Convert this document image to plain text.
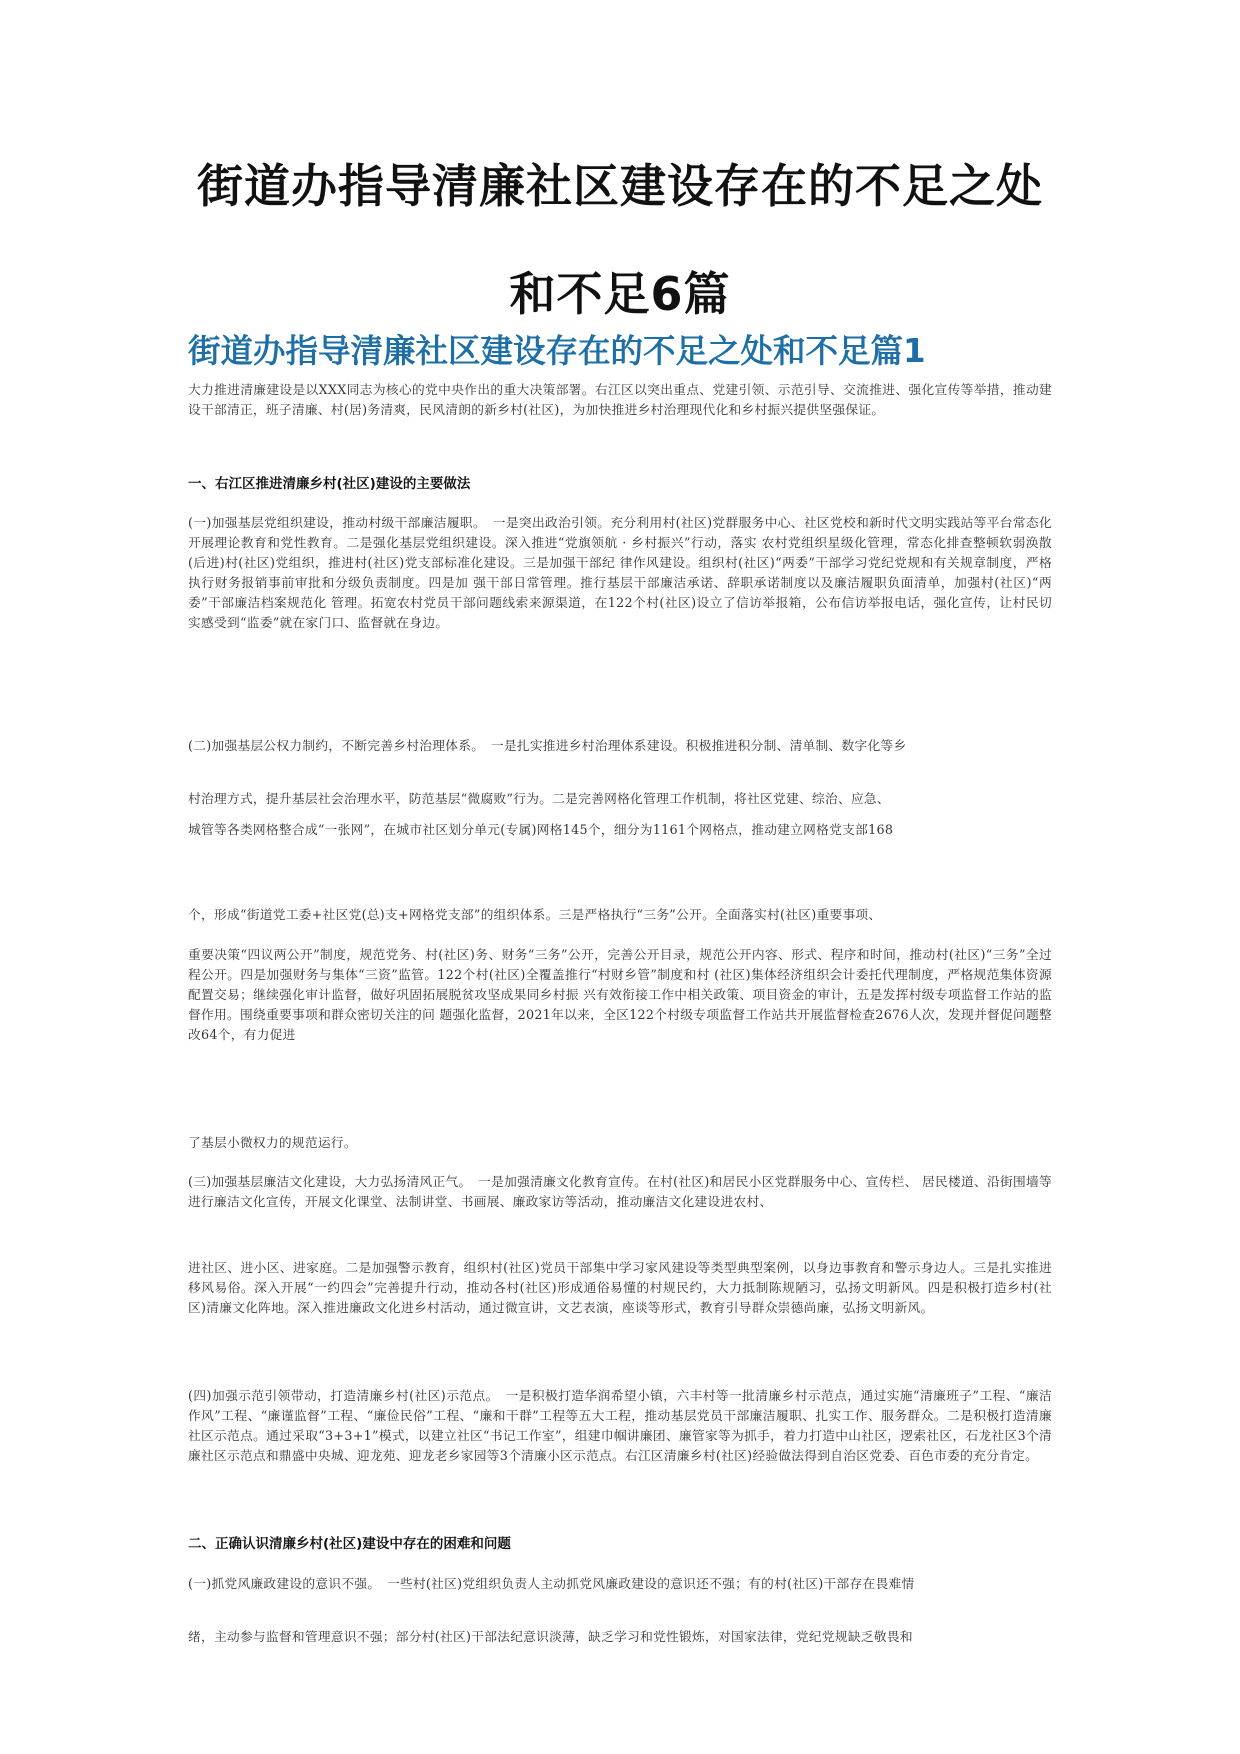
街道办指导清廉社区建设存在的不足之处
和不足6篇
街道办指导清廉社区建设存在的不足之处和不足篇1
大力推进清廉建设是以XXX同志为核心的党中央作出的重大决策部署。右江区以突出重点、党建引领、示范引导、交流推进、强化宣传等举措，推动建设干部清正，班子清廉、村(居)务清爽，民风清朗的新乡村(社区)，为加快推进乡村治理现代化和乡村振兴提供坚强保证。
一、右江区推进清廉乡村(社区)建设的主要做法
(一)加强基层党组织建设，推动村级干部廉洁履职。　一是突出政治引领。充分利用村(社区)党群服务中心、社区党校和新时代文明实践站等平台常态化开展理论教育和党性教育。二是强化基层党组织建设。深入推进“党旗领航 · 乡村振兴”行动，落实 农村党组织星级化管理，常态化排查整顿软弱涣散(后进)村(社区)党组织，推进村(社区)党支部标准化建设。三是加强干部纪 律作风建设。组织村(社区)“两委”干部学习党纪党规和有关规章制度，严格执行财务报销事前审批和分级负责制度。四是加 强干部日常管理。推行基层干部廉洁承诺、辞职承诺制度以及廉洁履职负面清单，加强村(社区)“两委”干部廉洁档案规范化 管理。拓宽农村党员干部问题线索来源渠道，在122个村(社区)设立了信访举报箱，公布信访举报电话，强化宣传，让村民切 实感受到“监委”就在家门口、监督就在身边。
(二)加强基层公权力制约，不断完善乡村治理体系。　一是扎实推进乡村治理体系建设。积极推进积分制、清单制、数字化等乡
村治理方式，提升基层社会治理水平，防范基层“微腐败”行为。二是完善网格化管理工作机制，将社区党建、综治、应急、
城管等各类网格整合成“一张网”，在城市社区划分单元(专属)网格145个，细分为1161个网格点，推动建立网格党支部168
个，形成“街道党工委+社区党(总)支+网格党支部”的组织体系。三是严格执行“三务”公开。全面落实村(社区)重要事项、
重要决策“四议两公开”制度，规范党务、村(社区)务、财务“三务”公开，完善公开目录，规范公开内容、形式、程序和时间，推动村(社区)“三务”全过程公开。四是加强财务与集体“三资”监管。122个村(社区)全覆盖推行“村财乡管”制度和村 (社区)集体经济组织会计委托代理制度，严格规范集体资源配置交易；继续强化审计监督，做好巩固拓展脱贫攻坚成果同乡村振 兴有效衔接工作中相关政策、项目资金的审计，五是发挥村级专项监督工作站的监督作用。围绕重要事项和群众密切关注的问 题强化监督，2021年以来，全区122个村级专项监督工作站共开展监督检查2676人次，发现并督促问题整改64个，有力促进
了基层小微权力的规范运行。
(三)加强基层廉洁文化建设，大力弘扬清风正气。　一是加强清廉文化教育宣传。在村(社区)和居民小区党群服务中心、宣传栏、 居民楼道、沿街围墙等进行廉洁文化宣传，开展文化课堂、法制讲堂、书画展、廉政家访等活动，推动廉洁文化建设进农村、
进社区、进小区、进家庭。二是加强警示教育，组织村(社区)党员干部集中学习家风建设等类型典型案例，以身边事教育和警示身边人。三是扎实推进移风易俗。深入开展“一约四会”完善提升行动，推动各村(社区)形成通俗易懂的村规民约，大力抵制陈规陋习，弘扬文明新风。四是积极打造乡村(社区)清廉文化阵地。深入推进廉政文化进乡村活动，通过微宣讲，文艺表演，座谈等形式，教育引导群众崇德尚廉，弘扬文明新风。
(四)加强示范引领带动，打造清廉乡村(社区)示范点。　一是积极打造华润希望小镇，六丰村等一批清廉乡村示范点，通过实施“清廉班子”工程、“廉洁作风”工程、“廉谨监督”工程、“廉俭民俗”工程、“廉和干群”工程等五大工程，推动基层党员干部廉洁履职、扎实工作、服务群众。二是积极打造清廉社区示范点。通过采取“3+3+1”模式，以建立社区“书记工作室”，组建巾帼讲廉团、廉管家等为抓手，着力打造中山社区，逻索社区，石龙社区3个清廉社区示范点和鼎盛中央城、迎龙苑、迎龙老乡家园等3个清廉小区示范点。右江区清廉乡村(社区)经验做法得到自治区党委、百色市委的充分肯定。
二、正确认识清廉乡村(社区)建设中存在的困难和问题
(一)抓党风廉政建设的意识不强。　一些村(社区)党组织负责人主动抓党风廉政建设的意识还不强；有的村(社区)干部存在畏难情
绪，主动参与监督和管理意识不强；部分村(社区)干部法纪意识淡薄，缺乏学习和党性锻炼，对国家法律，党纪党规缺乏敬畏和
